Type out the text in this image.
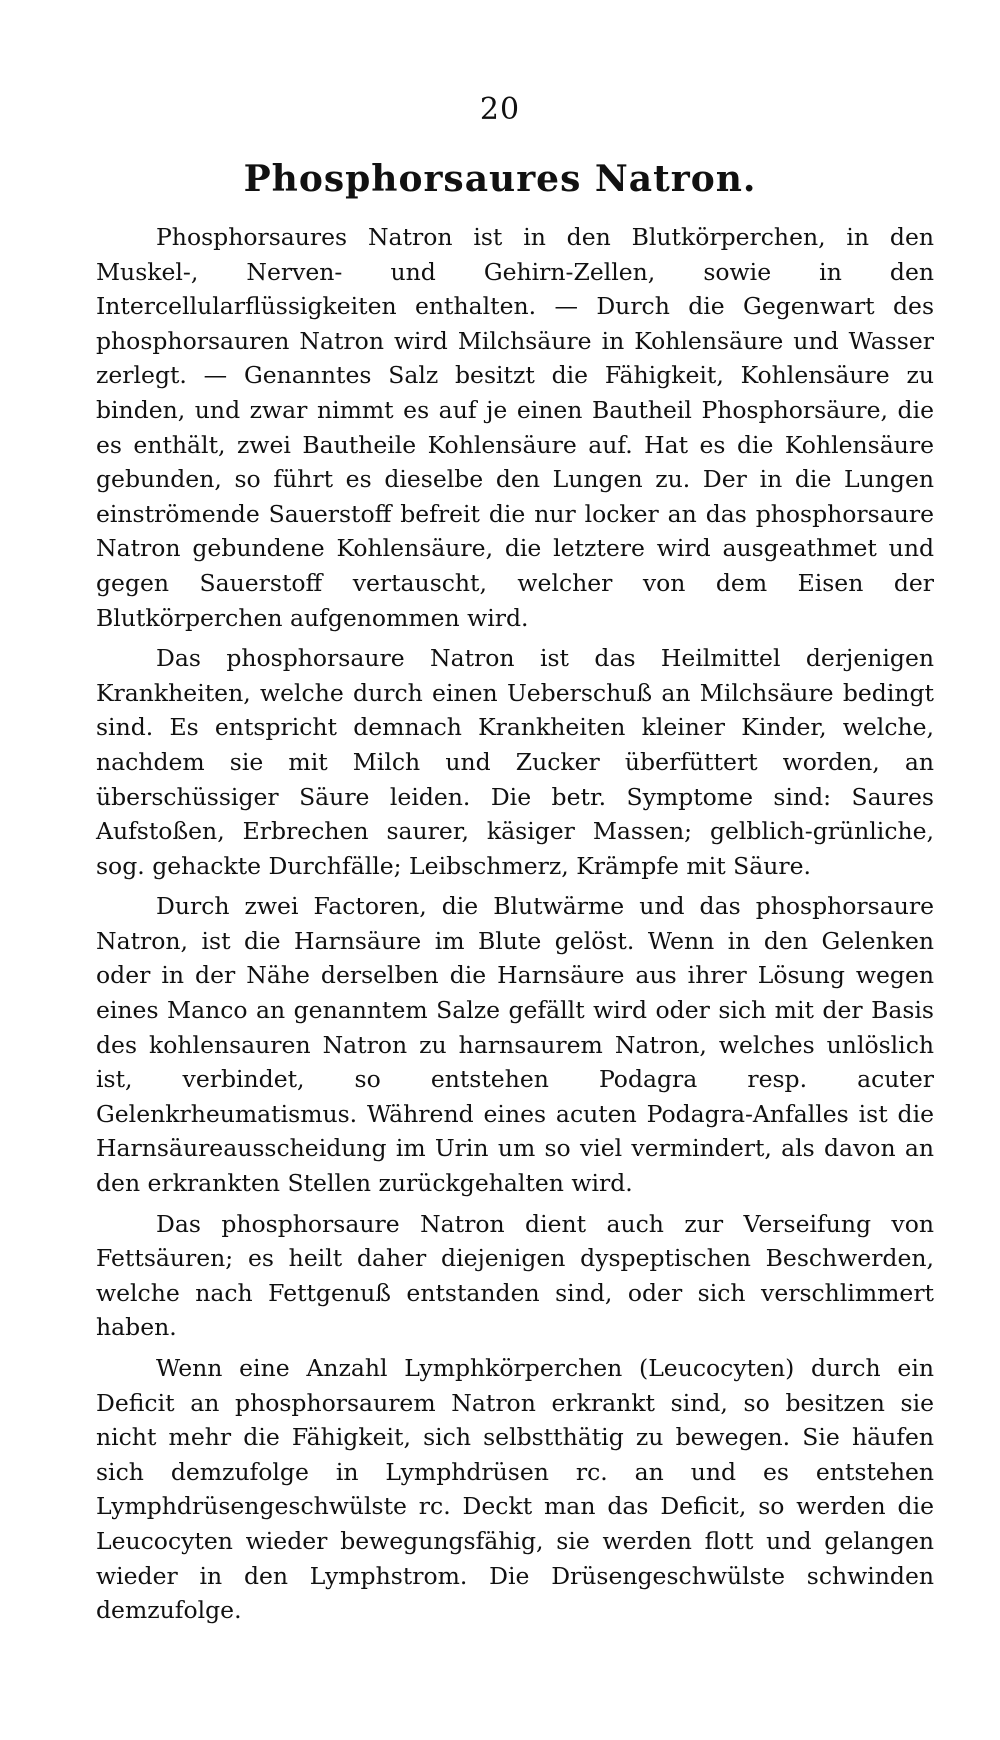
20
Phosphorsaures Natron.

Phosphorsaures Natron ist in den Blutkörperchen, in den Muskel-, Nerven- und Gehirn-Zellen, sowie in den Intercellularflüssigkeiten enthalten. — Durch die Gegenwart des phosphorsauren Natron wird Milchsäure in Kohlensäure und Wasser zerlegt. — Genanntes Salz besitzt die Fähigkeit, Kohlensäure zu binden, und zwar nimmt es auf je einen Bautheil Phosphorsäure, die es enthält, zwei Bautheile Kohlensäure auf. Hat es die Kohlensäure gebunden, so führt es dieselbe den Lungen zu. Der in die Lungen einströmende Sauerstoff befreit die nur locker an das phosphorsaure Natron gebundene Kohlensäure, die letztere wird ausgeathmet und gegen Sauerstoff vertauscht, welcher von dem Eisen der Blutkörperchen aufgenommen wird.

Das phosphorsaure Natron ist das Heilmittel derjenigen Krankheiten, welche durch einen Ueberschuß an Milchsäure bedingt sind. Es entspricht demnach Krankheiten kleiner Kinder, welche, nachdem sie mit Milch und Zucker überfüttert worden, an überschüssiger Säure leiden. Die betr. Symptome sind: Saures Aufstoßen, Erbrechen saurer, käsiger Massen; gelblich-grünliche, sog. gehackte Durchfälle; Leibschmerz, Krämpfe mit Säure.

Durch zwei Factoren, die Blutwärme und das phosphorsaure Natron, ist die Harnsäure im Blute gelöst. Wenn in den Gelenken oder in der Nähe derselben die Harnsäure aus ihrer Lösung wegen eines Manco an genanntem Salze gefällt wird oder sich mit der Basis des kohlensauren Natron zu harnsaurem Natron, welches unlöslich ist, verbindet, so entstehen Podagra resp. acuter Gelenkrheumatismus. Während eines acuten Podagra-Anfalles ist die Harnsäureausscheidung im Urin um so viel vermindert, als davon an den erkrankten Stellen zurückgehalten wird.

Das phosphorsaure Natron dient auch zur Verseifung von Fettsäuren; es heilt daher diejenigen dyspeptischen Beschwerden, welche nach Fettgenuß entstanden sind, oder sich verschlimmert haben.

Wenn eine Anzahl Lymphkörperchen (Leucocyten) durch ein Deficit an phosphorsaurem Natron erkrankt sind, so besitzen sie nicht mehr die Fähigkeit, sich selbstthätig zu bewegen. Sie häufen sich demzufolge in Lymphdrüsen rc. an und es entstehen Lymphdrüsengeschwülste rc. Deckt man das Deficit, so werden die Leucocyten wieder bewegungsfähig, sie werden flott und gelangen wieder in den Lymphstrom. Die Drüsengeschwülste schwinden demzufolge.
